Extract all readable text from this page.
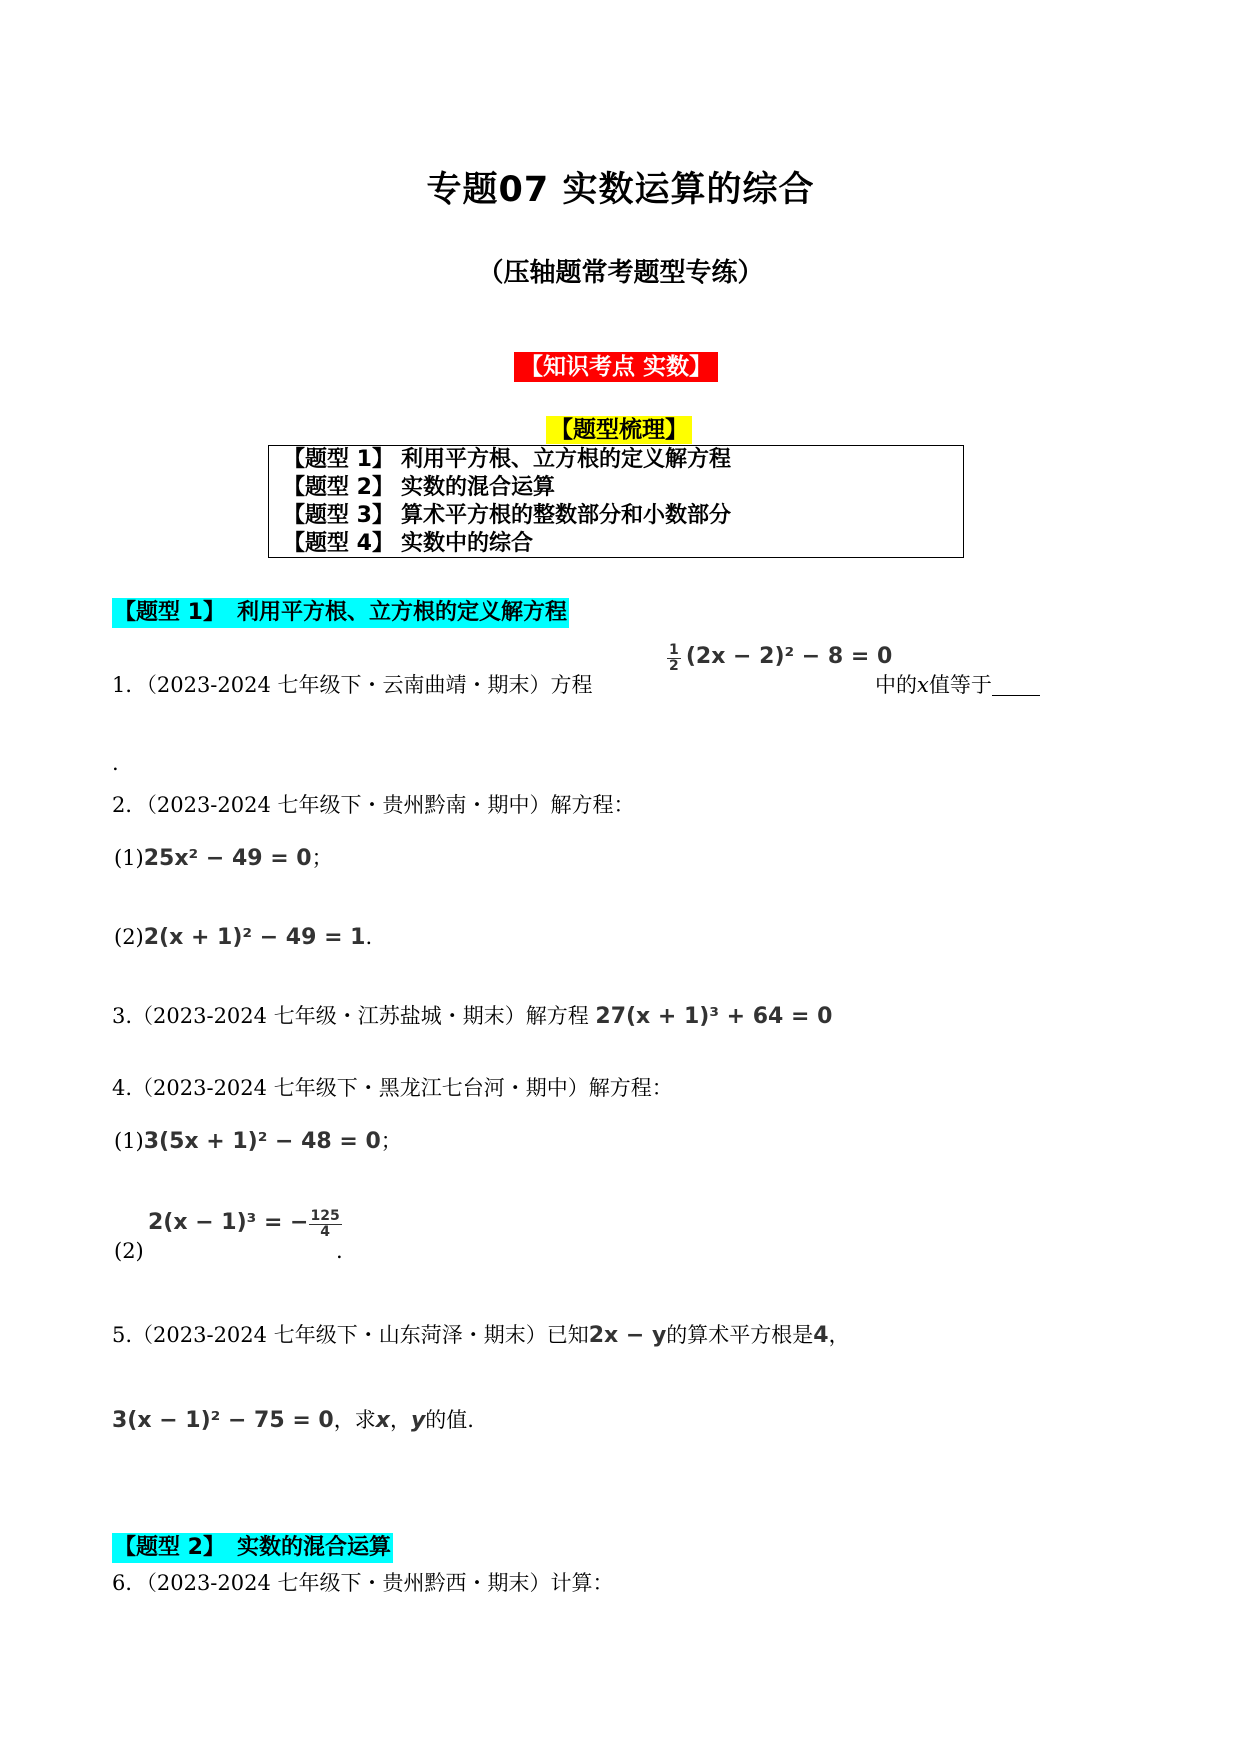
专题07 实数运算的综合
（压轴题常考题型专练）
【知识考点 实数】
【题型梳理】
【题型 1】 利用平方根、立方根的定义解方程
【题型 2】 实数的混合运算
【题型 3】 算术平方根的整数部分和小数部分
【题型 4】 实数中的综合
【题型 1】 利用平方根、立方根的定义解方程
1．（2023-2024 七年级下・云南曲靖・期末）方程
$\frac{1}{2} (2x - 2)^2 - 8 = 0$
中的x值等于
.
2．（2023-2024 七年级下・贵州黔南・期中）解方程：
(1)25x² − 49 = 0；
(2)2(x + 1)² − 49 = 1.
3.（2023-2024 七年级・江苏盐城・期末）解方程 27(x + 1)³ + 64 = 0
4.（2023-2024 七年级下・黑龙江七台河・期中）解方程：
(1)3(5x + 1)² − 48 = 0；
(2)
2(x − 1)³ = − $\frac{125}{4}$
.
5.（2023-2024 七年级下・山东菏泽・期末）已知2x − y的算术平方根是4，
3(x − 1)² − 75 = 0，求x，y的值.
【题型 2】 实数的混合运算
6．（2023-2024 七年级下・贵州黔西・期末）计算：
